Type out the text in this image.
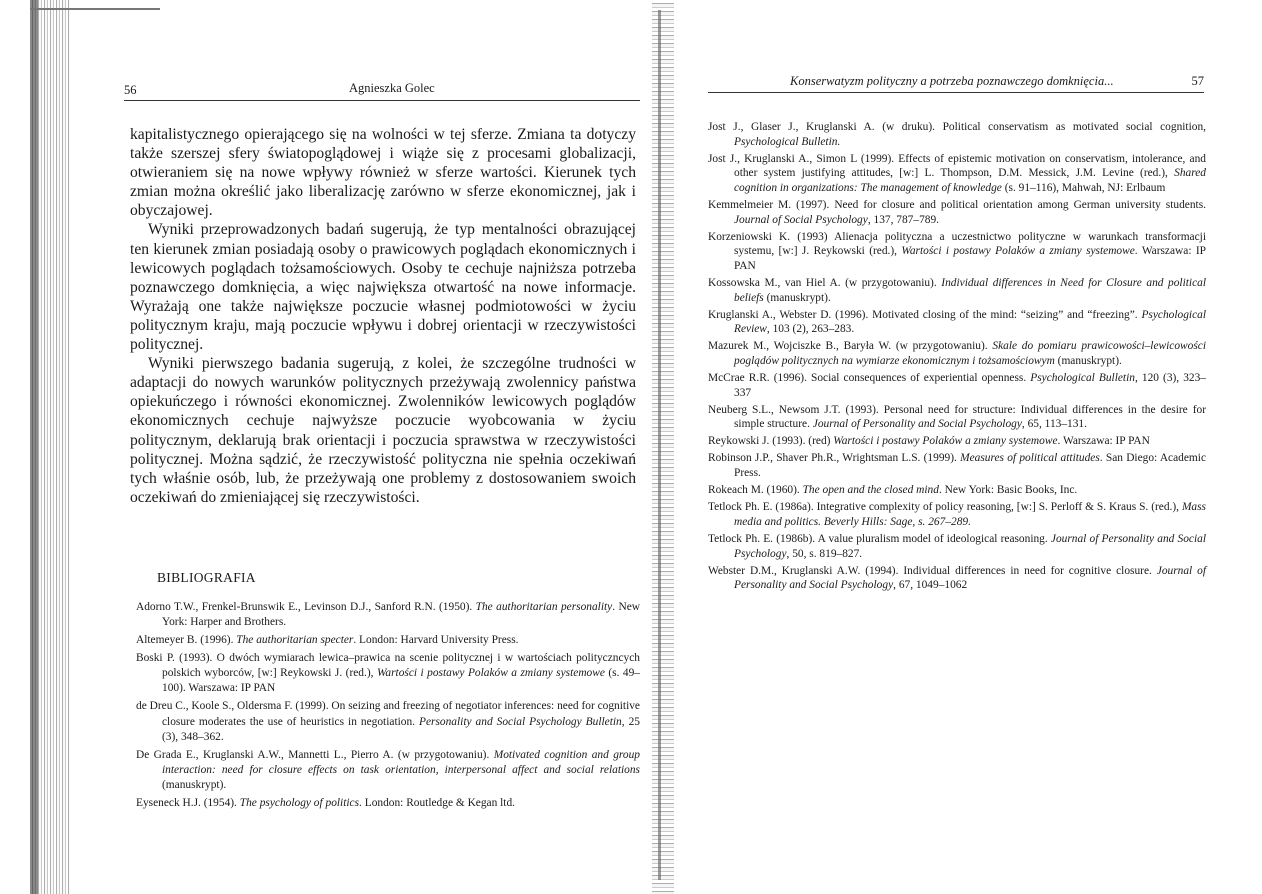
56	Agnieszka Golec

kapitalistycznego opierającego się na wolności w tej sferze. Zmiana ta dotyczy także szerszej sfery światopoglądowej i wiąże się z procesami globalizacji, otwieraniem się na nowe wpływy również w sferze wartości. Kierunek tych zmian można określić jako liberalizację zarówno w sferze ekonomicznej, jak i obyczajowej.

Wyniki przeprowadzonych badań sugerują, że typ mentalności obrazującej ten kierunek zmian posiadają osoby o prawicowych poglądach ekonomicznych i lewicowych poglądach tożsamościowych. Osoby te cechuje najniższa potrzeba poznawczego domknięcia, a więc największa otwartość na nowe informacje. Wyrażają one także największe poczucie własnej podmiotowości w życiu politycznym kraju, mają poczucie wpływu i dobrej orientacji w rzeczywistości politycznej.

Wyniki pierwszego badania sugerują, z kolei, że szczególne trudności w adaptacji do nowych warunków politycznych przeżywają zwolennicy państwa opiekuńczego i równości ekonomicznej. Zwolenników lewicowych poglądów ekonomicznych cechuje najwyższe poczucie wyobcowania w życiu politycznym, deklarują brak orientacji i poczucia sprawstwa w rzeczywistości politycznej. Można sądzić, że rzeczywistość polityczna nie spełnia oczekiwań tych właśnie osób, lub, że przeżywają one problemy z dostosowaniem swoich oczekiwań do zmieniającej się rzeczywistości.

BIBLIOGRAFIA
Adorno T.W., Frenkel-Brunswik E., Levinson D.J., Sanford R.N. (1950). The authoritarian personality. New York: Harper and Brothers.
Altemeyer B. (1996). The authoritarian specter. London: Harvard University Press.
Boski P. (1993). O dwóch wymiarach lewica–prawica na scenie politycznej i w wartościach polityczncych polskich wyborców, [w:] Reykowski J. (red.), Wartości i postawy Polaków a zmiany systemowe (s. 49–100). Warszawa: IP PAN
de Dreu C., Koole S., Oldersma F. (1999). On seizing and freezing of negotiator inferences: need for cognitive closure moderates the use of heuristics in negotiation. Personality and Social Psychology Bulletin, 25 (3), 348–362.
De Grada E., Kruglanski A.W., Mannetti L., Pierro A. (w przygotowaniu). Motivated cognition and group interaction: need for closure effects on task orientation, interpersonal affect and social relations (manuskrypt).
Eyseneck H.J. (1954). The psychology of politics. London: Routledge & Kegan ltd.
Konserwatyzm polityczny a potrzeba poznawczego domknięcia...	57
Jost J., Glaser J., Kruglanski A. (w druku). Political conservatism as motivated social cognition, Psychological Bulletin.
Jost J., Kruglanski A., Simon L (1999). Effects of epistemic motivation on conservatism, intolerance, and other system justifying attitudes, [w:] L. Thompson, D.M. Messick, J.M. Levine (red.), Shared cognition in organizations: The management of knowledge (s. 91–116), Mahwah, NJ: Erlbaum
Kemmelmeier M. (1997). Need for closure and political orientation among German university students. Journal of Social Psychology, 137, 787–789.
Korzeniowski K. (1993) Alienacja polityczna a uczestnictwo polityczne w warunkach transformacji systemu, [w:] J. Reykowski (red.), Wartości i postawy Polaków a zmiany systemowe. Warszawa: IP PAN
Kossowska M., van Hiel A. (w przygotowaniu). Individual differences in Need for Closure and political beliefs (manuskrypt).
Kruglanski A., Webster D. (1996). Motivated closing of the mind: “seizing” and “freezing”. Psychological Review, 103 (2), 263–283.
Mazurek M., Wojciszke B., Baryła W. (w przygotowaniu). Skale do pomiaru prawicowości–lewicowości poglądów politycznych na wymiarze ekonomicznym i tożsamościowym (manuskrypt).
McCrae R.R. (1996). Social consequences of experiential openness. Psychological Bulletin, 120 (3), 323–337
Neuberg S.L., Newsom J.T. (1993). Personal need for structure: Individual differences in the desire for simple structure. Journal of Personality and Social Psychology, 65, 113–131.
Reykowski J. (1993). (red) Wartości i postawy Polaków a zmiany systemowe. Warszawa: IP PAN
Robinson J.P., Shaver Ph.R., Wrightsman L.S. (1999). Measures of political attitudes. San Diego: Academic Press.
Rokeach M. (1960). The open and the closed mind. New York: Basic Books, Inc.
Tetlock Ph. E. (1986a). Integrative complexity of policy reasoning, [w:] S. Perloff & S. Kraus S. (red.), Mass media and politics. Beverly Hills: Sage, s. 267–289.
Tetlock Ph. E. (1986b). A value pluralism model of ideological reasoning. Journal of Personality and Social Psychology, 50, s. 819–827.
Webster D.M., Kruglanski A.W. (1994). Individual differences in need for cognitive closure. Journal of Personality and Social Psychology, 67, 1049–1062
